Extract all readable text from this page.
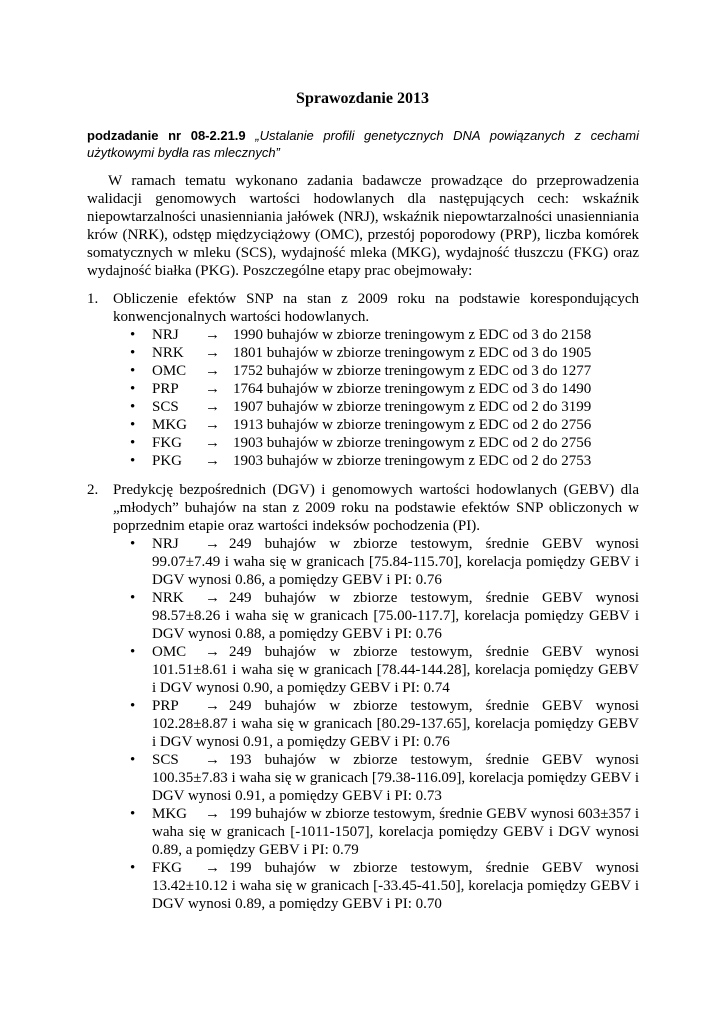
Sprawozdanie 2013
podzadanie nr 08-2.21.9 „Ustalanie profili genetycznych DNA powiązanych z cechami użytkowymi bydła ras mlecznych”
W ramach tematu wykonano zadania badawcze prowadzące do przeprowadzenia walidacji genomowych wartości hodowlanych dla następujących cech: wskaźnik niepowtarzalności unasienniania jałówek (NRJ), wskaźnik niepowtarzalności unasienniania krów (NRK), odstęp międzyciążowy (OMC), przestój poporodowy (PRP), liczba komórek somatycznych w mleku (SCS), wydajność mleka (MKG), wydajność tłuszczu (FKG) oraz wydajność białka (PKG). Poszczególne etapy prac obejmowały:
1. Obliczenie efektów SNP na stan z 2009 roku na podstawie korespondujących konwencjonalnych wartości hodowlanych.
• NRJ → 1990 buhajów w zbiorze treningowym z EDC od 3 do 2158
• NRK → 1801 buhajów w zbiorze treningowym z EDC od 3 do 1905
• OMC → 1752 buhajów w zbiorze treningowym z EDC od 3 do 1277
• PRP → 1764 buhajów w zbiorze treningowym z EDC od 3 do 1490
• SCS → 1907 buhajów w zbiorze treningowym z EDC od 2 do 3199
• MKG → 1913 buhajów w zbiorze treningowym z EDC od 2 do 2756
• FKG → 1903 buhajów w zbiorze treningowym z EDC od 2 do 2756
• PKG → 1903 buhajów w zbiorze treningowym z EDC od 2 do 2753
2. Predykcję bezpośrednich (DGV) i genomowych wartości hodowlanych (GEBV) dla „młodych” buhajów na stan z 2009 roku na podstawie efektów SNP obliczonych w poprzednim etapie oraz wartości indeksów pochodzenia (PI).
• NRJ → 249 buhajów w zbiorze testowym, średnie GEBV wynosi 99.07±7.49 i waha się w granicach [75.84-115.70], korelacja pomiędzy GEBV i DGV wynosi 0.86, a pomiędzy GEBV i PI: 0.76
• NRK → 249 buhajów w zbiorze testowym, średnie GEBV wynosi 98.57±8.26 i waha się w granicach [75.00-117.7], korelacja pomiędzy GEBV i DGV wynosi 0.88, a pomiędzy GEBV i PI: 0.76
• OMC → 249 buhajów w zbiorze testowym, średnie GEBV wynosi 101.51±8.61 i waha się w granicach [78.44-144.28], korelacja pomiędzy GEBV i DGV wynosi 0.90, a pomiędzy GEBV i PI: 0.74
• PRP → 249 buhajów w zbiorze testowym, średnie GEBV wynosi 102.28±8.87 i waha się w granicach [80.29-137.65], korelacja pomiędzy GEBV i DGV wynosi 0.91, a pomiędzy GEBV i PI: 0.76
• SCS → 193 buhajów w zbiorze testowym, średnie GEBV wynosi 100.35±7.83 i waha się w granicach [79.38-116.09], korelacja pomiędzy GEBV i DGV wynosi 0.91, a pomiędzy GEBV i PI: 0.73
• MKG → 199 buhajów w zbiorze testowym, średnie GEBV wynosi 603±357 i waha się w granicach [-1011-1507], korelacja pomiędzy GEBV i DGV wynosi 0.89, a pomiędzy GEBV i PI: 0.79
• FKG → 199 buhajów w zbiorze testowym, średnie GEBV wynosi 13.42±10.12 i waha się w granicach [-33.45-41.50], korelacja pomiędzy GEBV i DGV wynosi 0.89, a pomiędzy GEBV i PI: 0.70
